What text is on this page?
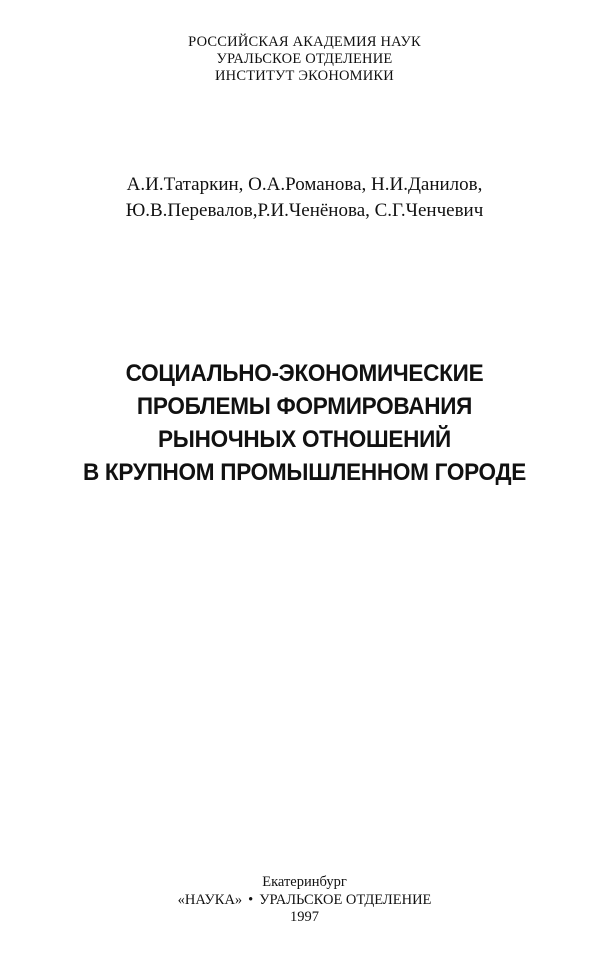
РОССИЙСКАЯ АКАДЕМИЯ НАУК
УРАЛЬСКОЕ ОТДЕЛЕНИЕ
ИНСТИТУТ ЭКОНОМИКИ
А.И.Татаркин, О.А.Романова, Н.И.Данилов,
Ю.В.Перевалов,Р.И.Ченёнова, С.Г.Ченчевич
СОЦИАЛЬНО-ЭКОНОМИЧЕСКИЕ
ПРОБЛЕМЫ ФОРМИРОВАНИЯ
РЫНОЧНЫХ ОТНОШЕНИЙ
В КРУПНОМ ПРОМЫШЛЕННОМ ГОРОДЕ
Екатеринбург
«НАУКА» • УРАЛЬСКОЕ ОТДЕЛЕНИЕ
1997
